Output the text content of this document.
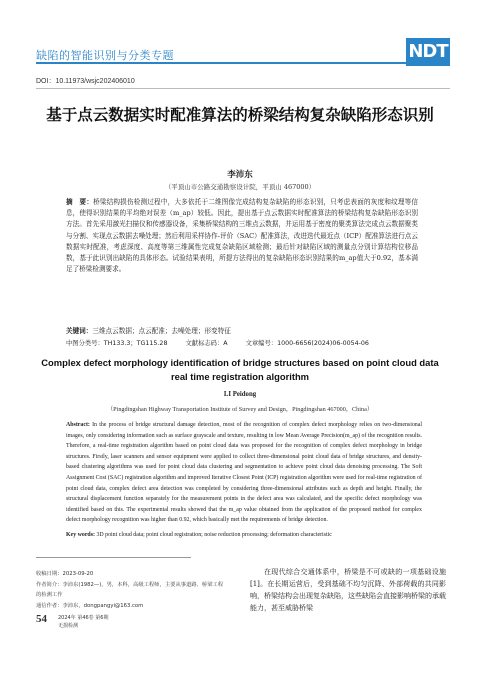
缺陷的智能识别与分类专题	NDT
DOI：10.11973/wsjc202406010
基于点云数据实时配准算法的桥梁结构复杂缺陷形态识别
李沛东
（平顶山市公路交通勘察设计院，平顶山 467000）
摘　要：桥梁结构损伤检测过程中，大多依托于二维图像完成结构复杂缺陷的形态识别，只考虑表面的灰度和纹理等信息，使得识别结果的平均绝对误差（m_ap）较低。因此，提出基于点云数据实时配准算法的桥梁结构复杂缺陷形态识别方法。首先采用激光扫描仪和传感器设备，采集桥梁结构的三维点云数据，并运用基于密度的聚类算法完成点云数据聚类与分割、实现点云数据去噪处理；然后利用采样协作-评价（SAC）配准算法，改进迭代最近点（ICP）配准算法进行点云数据实时配准，考虑深度、高度等第三维属性完成复杂缺陷区域检测；最后针对缺陷区域的测量点分别计算结构位移品数，基于此识别出缺陷的具体形态。试验结果表明，所提方法得出的复杂缺陷形态识别结果的m_ap值大于0.92，基本满足了桥梁检测要求。
关键词：三维点云数据；点云配准；去噪处理；形变特征
中图分类号：TH133.3；TG115.28	文献标志码：A	文章编号：1000-6656(2024)06-0054-06
Complex defect morphology identification of bridge structures based on point cloud data real time registration algorithm
LI Peidong
（Pingdingshan Highway Transportation Institute of Survey and Design，Pingdingshan 467000，China）
Abstract: In the process of bridge structural damage detection, most of the recognition of complex defect morphology relies on two-dimensional images, only considering information such as surface grayscale and texture, resulting in low Mean Average Precision(m_ap) of the recognition results. Therefore, a real-time registration algorithm based on point cloud data was proposed for the recognition of complex defect morphology in bridge structures. Firstly, laser scanners and sensor equipment were applied to collect three-dimensional point cloud data of bridge structures, and density-based clustering algorithms was used for point cloud data clustering and segmentation to achieve point cloud data denoising processing. The Soft Assignment Cost (SAC) registration algorithm and improved Iterative Closest Point (ICP) registration algorithm were used for real-time registration of point cloud data, complex defect area detection was completed by considering three-dimensional attributes such as depth and height. Finally, the structural displacement function separately for the measurement points in the defect area was calculated, and the specific defect morphology was identified based on this. The experimental results showed that the m_ap value obtained from the application of the proposed method for complex defect morphology recognition was higher than 0.92, which basically met the requirements of bridge detection.
Key words: 3D point cloud data; point cloud registration; noise reduction processing; deformation characteristic
收稿日期：2023-09-20
作者简介：李沛东(1982—)，男，本科，高级工程师，主要从事道路、桥梁工程的检测工作
通信作者：李沛东，dongpangyi@163.com
54 2024年 第46卷 第6期
无损检测
在现代综合交通体系中，桥梁是不可或缺的一项基础设施[1]。在长期运营后，受到基础不均匀沉降、外部荷载的共同影响，桥梁结构会出现复杂缺陷，这些缺陷会直接影响桥梁的承载能力，甚至威胁桥梁
